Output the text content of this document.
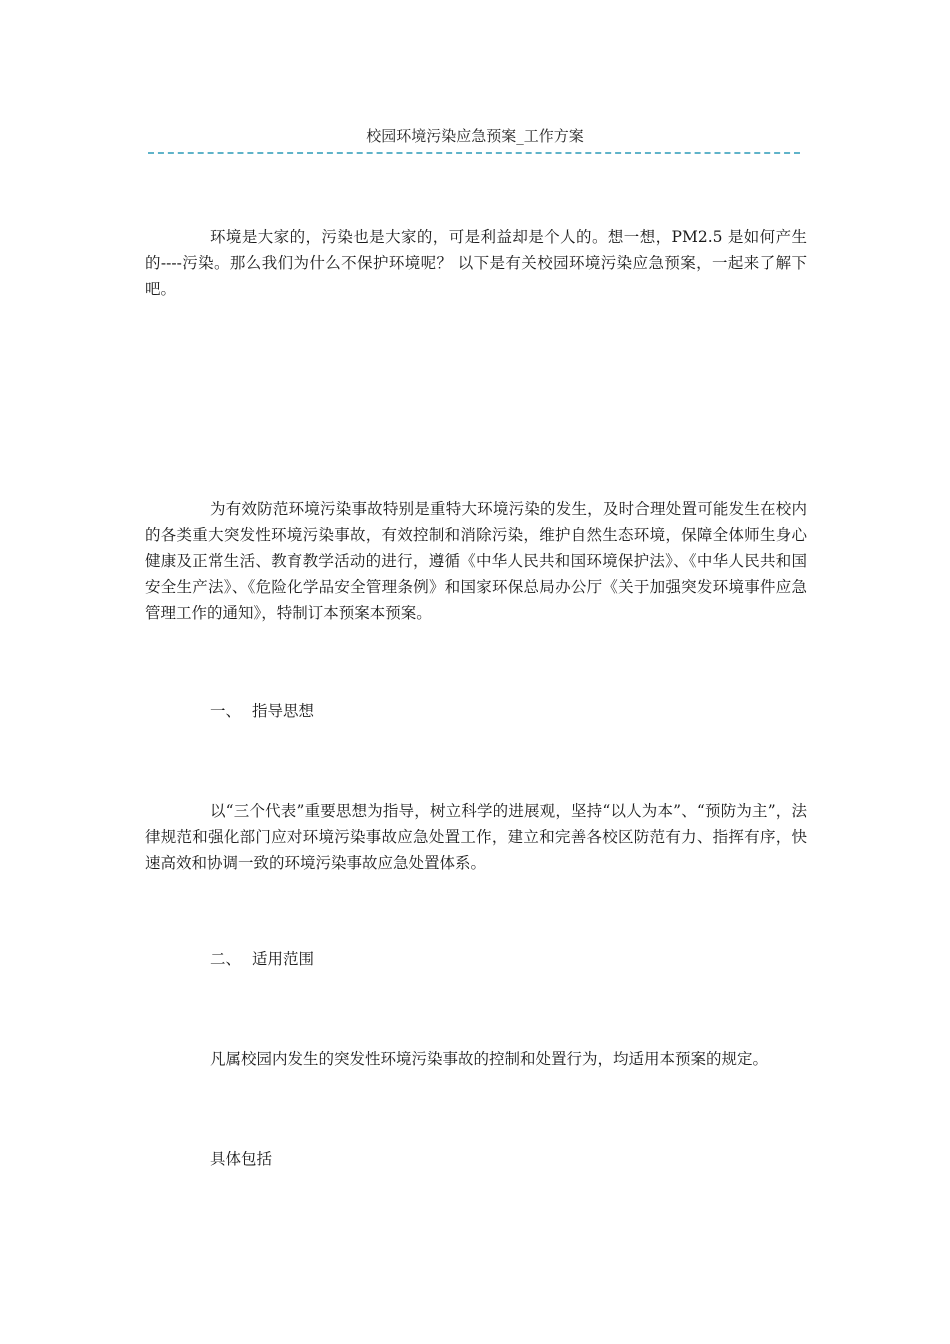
校园环境污染应急预案_工作方案

环境是大家的，污染也是大家的，可是利益却是个人的。想一想，PM2.5 是如何产生的----污染。那么我们为什么不保护环境呢？ 以下是有关校园环境污染应急预案，一起来了解下吧。

为有效防范环境污染事故特别是重特大环境污染的发生，及时合理处置可能发生在校内的各类重大突发性环境污染事故，有效控制和消除污染，维护自然生态环境，保障全体师生身心健康及正常生活、教育教学活动的进行，遵循《中华人民共和国环境保护法》、《中华人民共和国安全生产法》、《危险化学品安全管理条例》和国家环保总局办公厅《关于加强突发环境事件应急管理工作的通知》，特制订本预案本预案。

一、 指导思想

以“三个代表”重要思想为指导，树立科学的进展观，坚持“以人为本”、“预防为主”，法律规范和强化部门应对环境污染事故应急处置工作，建立和完善各校区防范有力、指挥有序，快速高效和协调一致的环境污染事故应急处置体系。

二、 适用范围

凡属校园内发生的突发性环境污染事故的控制和处置行为，均适用本预案的规定。

具体包括
